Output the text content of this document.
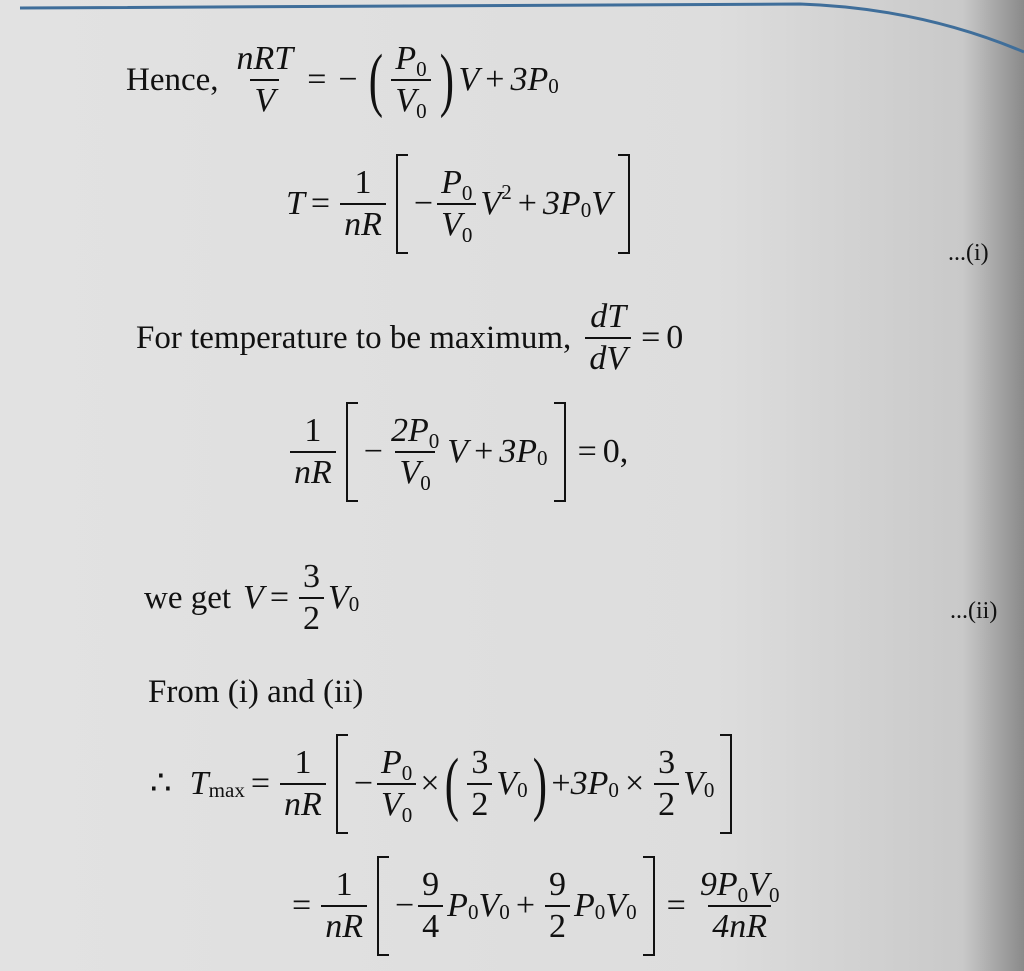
Hence, $\frac{\text{nRT}}{V}$ = − ( $\frac{P0}{V0}$ ) V + 3P 0
$T = \frac{1}{nR} - \frac{P0}{V0}$ V 2 + 3P 0 V
...(i)
For temperature to be maximum, $\frac{dT}{dV} = 0$
$\frac{1}{nR} - \frac{2P0}{V0}$ V + 3P 0 = 0 ,
we get $V = \frac{3}{2}$ V 0	...(ii)
From (i) and (ii)
∴ T $\max = \frac{1}{nR} - \frac{P0}{V0}$ × ( $\frac{3}{2}$ V 0 ) + 3P $0 \times \frac{3}{2}$ V 0
= $\frac{1}{nR} - \frac{9}{4}$ P 0 V $0 + \frac{9}{2}$ P 0 V $0 = \frac{9P0V0}{4nR}$
